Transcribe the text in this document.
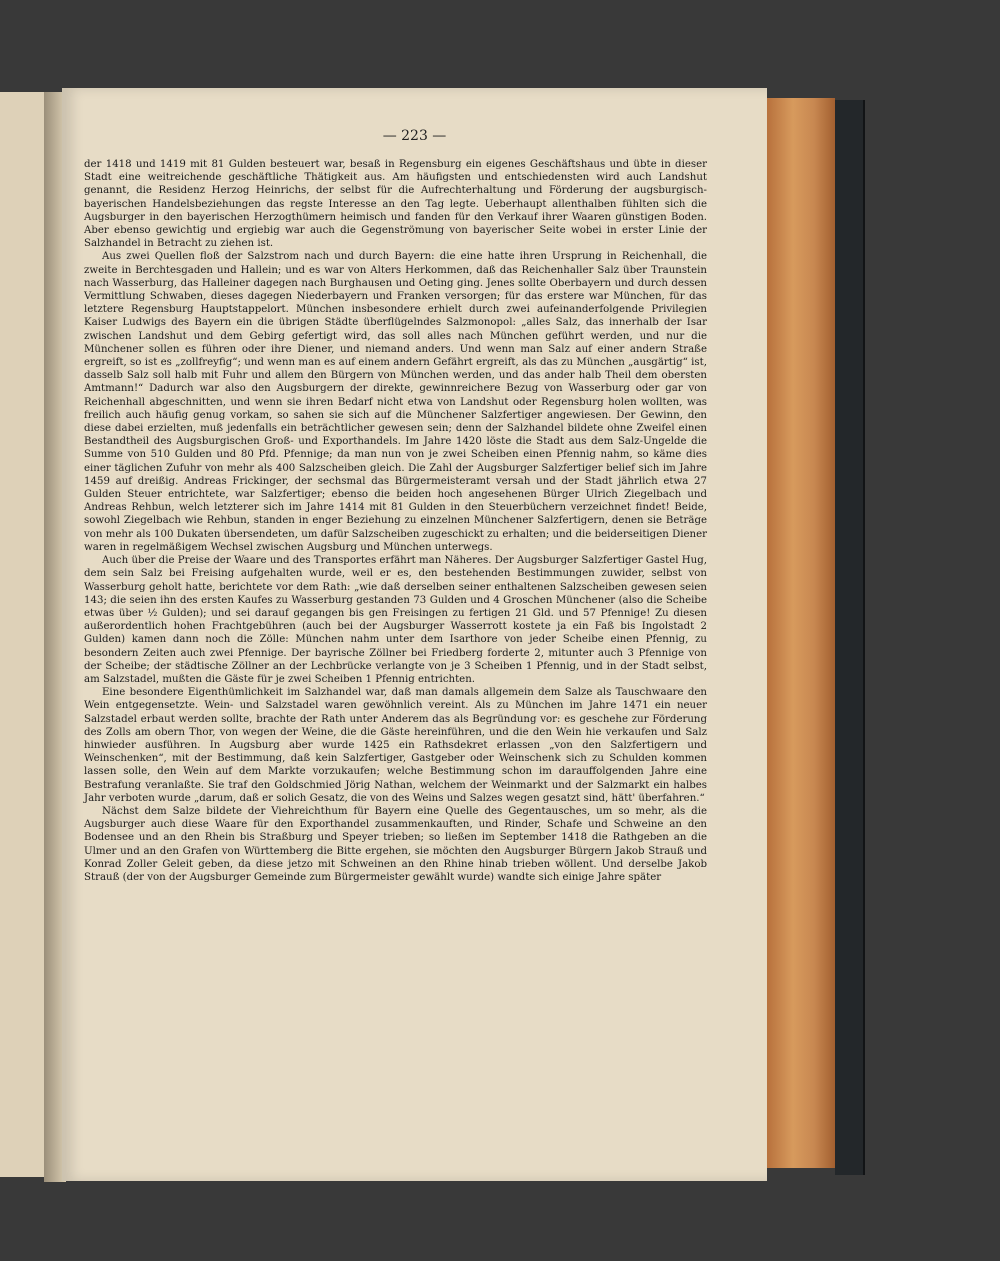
— 223 —

der 1418 und 1419 mit 81 Gulden besteuert war, besaß in Regensburg ein eigenes Geschäftshaus und übte in dieser Stadt eine weitreichende geschäftliche Thätigkeit aus. Am häufigsten und entschiedensten wird auch Landshut genannt, die Residenz Herzog Heinrichs, der selbst für die Aufrechterhaltung und Förderung der augsburgisch-bayerischen Handelsbeziehungen das regste Interesse an den Tag legte. Ueberhaupt allenthalben fühlten sich die Augsburger in den bayerischen Herzogthümern heimisch und fanden für den Verkauf ihrer Waaren günstigen Boden. Aber ebenso gewichtig und ergiebig war auch die Gegenströmung von bayerischer Seite wobei in erster Linie der Salzhandel in Betracht zu ziehen ist.

Aus zwei Quellen floß der Salzstrom nach und durch Bayern: die eine hatte ihren Ursprung in Reichenhall, die zweite in Berchtesgaden und Hallein; und es war von Alters Herkommen, daß das Reichenhaller Salz über Traunstein nach Wasserburg, das Halleiner dagegen nach Burghausen und Oeting ging. Jenes sollte Oberbayern und durch dessen Vermittlung Schwaben, dieses dagegen Niederbayern und Franken versorgen; für das erstere war München, für das letztere Regensburg Hauptstappelort. München insbesondere erhielt durch zwei aufeinanderfolgende Privilegien Kaiser Ludwigs des Bayern ein die übrigen Städte überflügelndes Salzmonopol: „alles Salz, das innerhalb der Isar zwischen Landshut und dem Gebirg gefertigt wird, das soll alles nach München geführt werden, und nur die Münchener sollen es führen oder ihre Diener, und niemand anders. Und wenn man Salz auf einer andern Straße ergreift, so ist es „zollfreyfig“; und wenn man es auf einem andern Gefährt ergreift, als das zu München „ausgärtig“ ist, dasselb Salz soll halb mit Fuhr und allem den Bürgern von München werden, und das ander halb Theil dem obersten Amtmann!“ Dadurch war also den Augsburgern der direkte, gewinnreichere Bezug von Wasserburg oder gar von Reichenhall abgeschnitten, und wenn sie ihren Bedarf nicht etwa von Landshut oder Regensburg holen wollten, was freilich auch häufig genug vorkam, so sahen sie sich auf die Münchener Salzfertiger angewiesen. Der Gewinn, den diese dabei erzielten, muß jedenfalls ein beträchtlicher gewesen sein; denn der Salzhandel bildete ohne Zweifel einen Bestandtheil des Augsburgischen Groß- und Exporthandels. Im Jahre 1420 löste die Stadt aus dem Salz-Ungelde die Summe von 510 Gulden und 80 Pfd. Pfennige; da man nun von je zwei Scheiben einen Pfennig nahm, so käme dies einer täglichen Zufuhr von mehr als 400 Salzscheiben gleich. Die Zahl der Augsburger Salzfertiger belief sich im Jahre 1459 auf dreißig. Andreas Frickinger, der sechsmal das Bürgermeisteramt versah und der Stadt jährlich etwa 27 Gulden Steuer entrichtete, war Salzfertiger; ebenso die beiden hoch angesehenen Bürger Ulrich Ziegelbach und Andreas Rehbun, welch letzterer sich im Jahre 1414 mit 81 Gulden in den Steuerbüchern verzeichnet findet! Beide, sowohl Ziegelbach wie Rehbun, standen in enger Beziehung zu einzelnen Münchener Salzfertigern, denen sie Beträge von mehr als 100 Dukaten übersendeten, um dafür Salzscheiben zugeschickt zu erhalten; und die beiderseitigen Diener waren in regelmäßigem Wechsel zwischen Augsburg und München unterwegs.

Auch über die Preise der Waare und des Transportes erfährt man Näheres. Der Augsburger Salzfertiger Gastel Hug, dem sein Salz bei Freising aufgehalten wurde, weil er es, den bestehenden Bestimmungen zuwider, selbst von Wasserburg geholt hatte, berichtete vor dem Rath: „wie daß derselben seiner enthaltenen Salzscheiben gewesen seien 143; die seien ihn des ersten Kaufes zu Wasserburg gestanden 73 Gulden und 4 Groschen Münchener (also die Scheibe etwas über ½ Gulden); und sei darauf gegangen bis gen Freisingen zu fertigen 21 Gld. und 57 Pfennige! Zu diesen außerordentlich hohen Frachtgebühren (auch bei der Augsburger Wasserrott kostete ja ein Faß bis Ingolstadt 2 Gulden) kamen dann noch die Zölle: München nahm unter dem Isarthore von jeder Scheibe einen Pfennig, zu besondern Zeiten auch zwei Pfennige. Der bayrische Zöllner bei Friedberg forderte 2, mitunter auch 3 Pfennige von der Scheibe; der städtische Zöllner an der Lechbrücke verlangte von je 3 Scheiben 1 Pfennig, und in der Stadt selbst, am Salzstadel, mußten die Gäste für je zwei Scheiben 1 Pfennig entrichten.

Eine besondere Eigenthümlichkeit im Salzhandel war, daß man damals allgemein dem Salze als Tauschwaare den Wein entgegensetzte. Wein- und Salzstadel waren gewöhnlich vereint. Als zu München im Jahre 1471 ein neuer Salzstadel erbaut werden sollte, brachte der Rath unter Anderem das als Begründung vor: es geschehe zur Förderung des Zolls am obern Thor, von wegen der Weine, die die Gäste hereinführen, und die den Wein hie verkaufen und Salz hinwieder ausführen. In Augsburg aber wurde 1425 ein Rathsdekret erlassen „von den Salzfertigern und Weinschenken“, mit der Bestimmung, daß kein Salzfertiger, Gastgeber oder Weinschenk sich zu Schulden kommen lassen solle, den Wein auf dem Markte vorzukaufen; welche Bestimmung schon im darauffolgenden Jahre eine Bestrafung veranlaßte. Sie traf den Goldschmied Jörig Nathan, welchem der Weinmarkt und der Salzmarkt ein halbes Jahr verboten wurde „darum, daß er solich Gesatz, die von des Weins und Salzes wegen gesatzt sind, hätt' überfahren.“

Nächst dem Salze bildete der Viehreichthum für Bayern eine Quelle des Gegentausches, um so mehr, als die Augsburger auch diese Waare für den Exporthandel zusammenkauften, und Rinder, Schafe und Schweine an den Bodensee und an den Rhein bis Straßburg und Speyer trieben; so ließen im September 1418 die Rathgeben an die Ulmer und an den Grafen von Württemberg die Bitte ergehen, sie möchten den Augsburger Bürgern Jakob Strauß und Konrad Zoller Geleit geben, da diese jetzo mit Schweinen an den Rhine hinab trieben wöllent. Und derselbe Jakob Strauß (der von der Augsburger Gemeinde zum Bürgermeister gewählt wurde) wandte sich einige Jahre später
